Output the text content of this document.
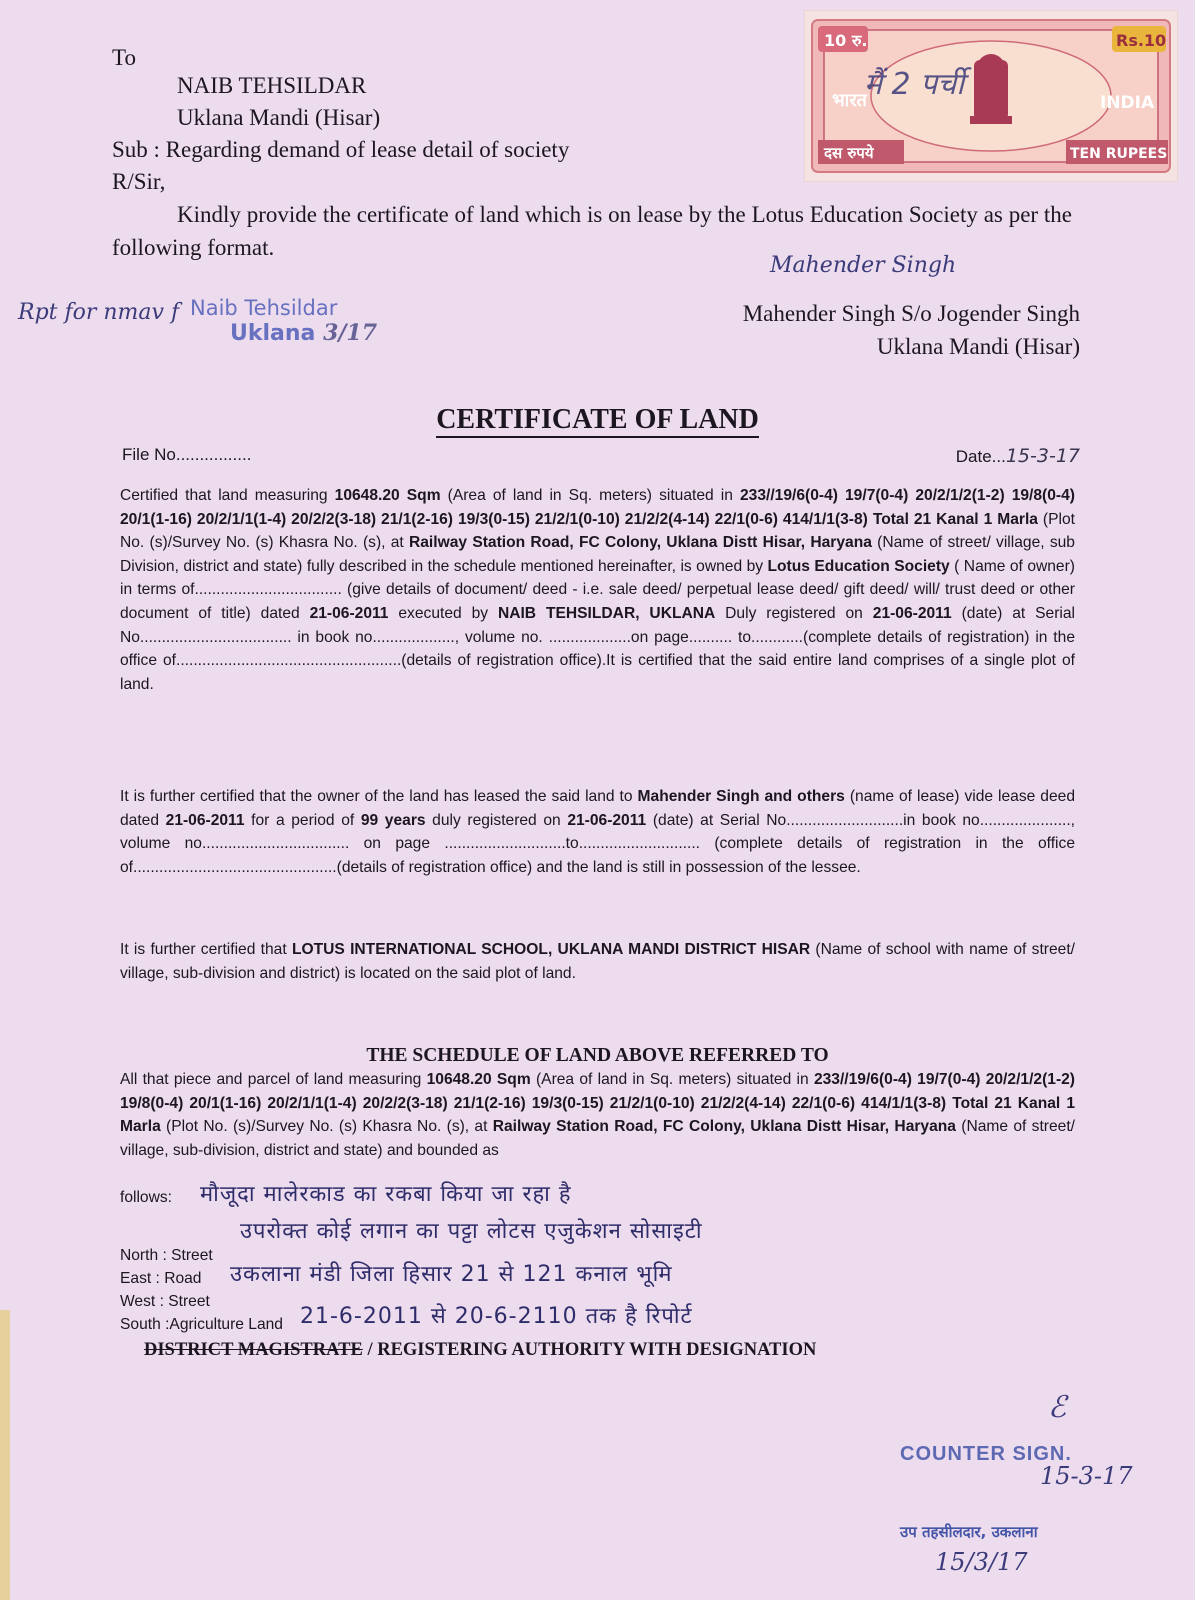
10 रु.	Rs.10
भारत	INDIA
दस रुपये	TEN RUPEES
मैं 2 पर्ची
To
NAIB TEHSILDAR
Uklana Mandi (Hisar)
Sub : Regarding demand of lease detail of society
R/Sir,
Kindly provide the certificate of land which is on lease by the Lotus Education Society as per the following format.
Mahender Singh
Mahender Singh S/o Jogender Singh
Uklana Mandi (Hisar)
Rpt for nmav f Naib Tehsildar
Uklana 3/17
CERTIFICATE OF LAND
File No................	Date...15-3-17
Certified that land measuring 10648.20 Sqm (Area of land in Sq. meters) situated in 233//19/6(0-4) 19/7(0-4) 20/2/1/2(1-2) 19/8(0-4) 20/1(1-16) 20/2/1/1(1-4) 20/2/2(3-18) 21/1(2-16) 19/3(0-15) 21/2/1(0-10) 21/2/2(4-14) 22/1(0-6) 414/1/1(3-8) Total 21 Kanal 1 Marla (Plot No. (s)/Survey No. (s) Khasra No. (s), at Railway Station Road, FC Colony, Uklana Distt Hisar, Haryana (Name of street/ village, sub Division, district and state) fully described in the schedule mentioned hereinafter, is owned by Lotus Education Society ( Name of owner) in terms of.................................. (give details of document/ deed - i.e. sale deed/ perpetual lease deed/ gift deed/ will/ trust deed or other document of title) dated 21-06-2011 executed by NAIB TEHSILDAR, UKLANA Duly registered on 21-06-2011 (date) at Serial No................................... in book no..................., volume no. ...................on page.......... to............(complete details of registration) in the office of....................................................(details of registration office).It is certified that the said entire land comprises of a single plot of land.
It is further certified that the owner of the land has leased the said land to Mahender Singh and others (name of lease) vide lease deed dated 21-06-2011 for a period of 99 years duly registered on 21-06-2011 (date) at Serial No...........................in book no....................., volume no.................................. on page ............................to............................ (complete details of registration in the office of...............................................(details of registration office) and the land is still in possession of the lessee.
It is further certified that LOTUS INTERNATIONAL SCHOOL, UKLANA MANDI DISTRICT HISAR (Name of school with name of street/ village, sub-division and district) is located on the said plot of land.
THE SCHEDULE OF LAND ABOVE REFERRED TO
All that piece and parcel of land measuring 10648.20 Sqm (Area of land in Sq. meters) situated in 233//19/6(0-4) 19/7(0-4) 20/2/1/2(1-2) 19/8(0-4) 20/1(1-16) 20/2/1/1(1-4) 20/2/2(3-18) 21/1(2-16) 19/3(0-15) 21/2/1(0-10) 21/2/2(4-14) 22/1(0-6) 414/1/1(3-8) Total 21 Kanal 1 Marla (Plot No. (s)/Survey No. (s) Khasra No. (s), at Railway Station Road, FC Colony, Uklana Distt Hisar, Haryana (Name of street/ village, sub-division, district and state) and bounded as
follows:
North : Street
East : Road
West : Street
South :Agriculture Land
मौजूदा मालेरकाड का रकबा किया जा रहा है
उपरोक्त कोई लगान का पट्टा लोटस एजुकेशन सोसाइटी
उकलाना मंडी जिला हिसार 21 से 121 कनाल भूमि
21-6-2011 से 20-6-2110 तक है रिपोर्ट
DISTRICT MAGISTRATE / REGISTERING AUTHORITY WITH DESIGNATION
COUNTER SIGN.
15-3-17
ℰ
उप तहसीलदार, उकलाना
15/3/17
